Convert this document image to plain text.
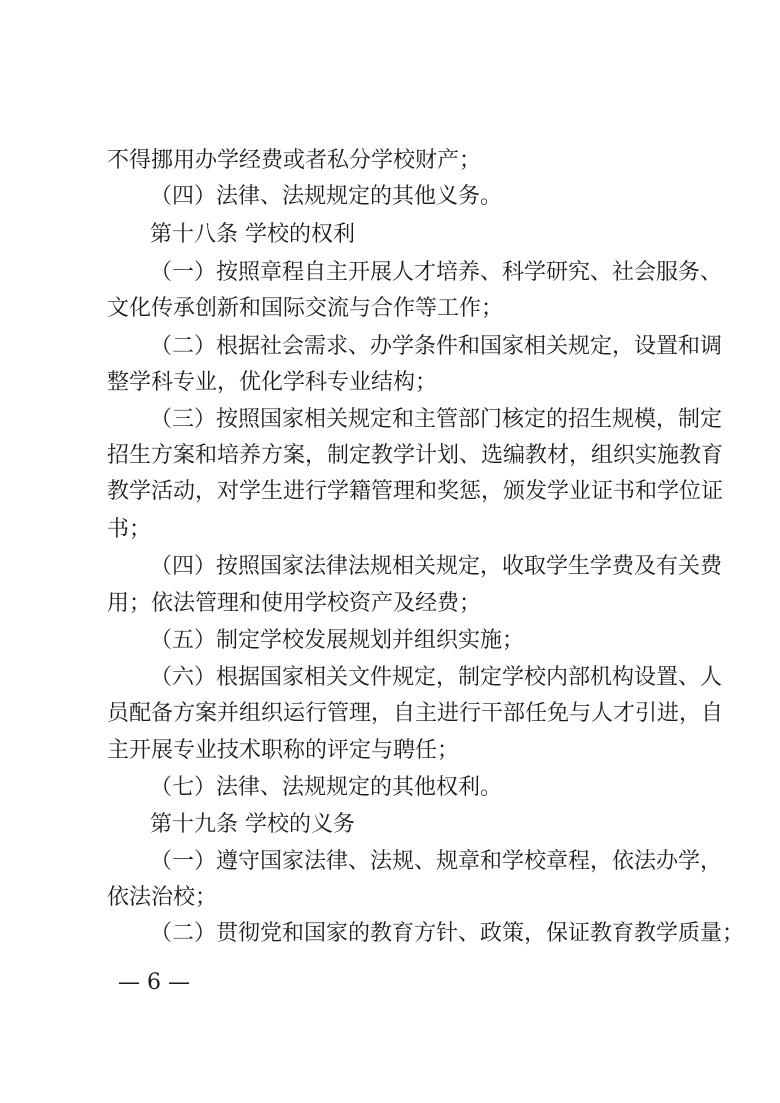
不得挪用办学经费或者私分学校财产；
（四）法律、法规规定的其他义务。
第十八条 学校的权利
（一）按照章程自主开展人才培养、科学研究、社会服务、
文化传承创新和国际交流与合作等工作；
（二）根据社会需求、办学条件和国家相关规定，设置和调
整学科专业，优化学科专业结构；
（三）按照国家相关规定和主管部门核定的招生规模，制定
招生方案和培养方案，制定教学计划、选编教材，组织实施教育
教学活动，对学生进行学籍管理和奖惩，颁发学业证书和学位证
书；
（四）按照国家法律法规相关规定，收取学生学费及有关费
用；依法管理和使用学校资产及经费；
（五）制定学校发展规划并组织实施；
（六）根据国家相关文件规定，制定学校内部机构设置、人
员配备方案并组织运行管理，自主进行干部任免与人才引进，自
主开展专业技术职称的评定与聘任；
（七）法律、法规规定的其他权利。
第十九条 学校的义务
（一）遵守国家法律、法规、规章和学校章程，依法办学，
依法治校；
（二）贯彻党和国家的教育方针、政策，保证教育教学质量；
— 6 —
